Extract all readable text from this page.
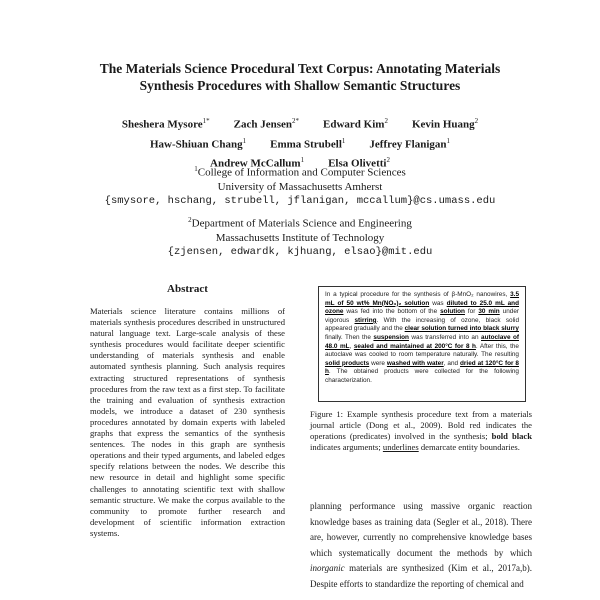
The Materials Science Procedural Text Corpus: Annotating Materials
Synthesis Procedures with Shallow Semantic Structures
Sheshera Mysore$^{1*}$ Zach Jensen$^{2*}$ Edward Kim$^2$ Kevin Huang$^2$
Haw-Shiuan Chang$^1$ Emma Strubell$^1$ Jeffrey Flanigan$^1$
Andrew McCallum$^1$ Elsa Olivetti$^2$
$^1$College of Information and Computer Sciences
University of Massachusetts Amherst
{smysore, hschang, strubell, jflanigan, mccallum}@cs.umass.edu
$^2$Department of Materials Science and Engineering
Massachusetts Institute of Technology
{zjensen, edwardk, kjhuang, elsao}@mit.edu
Abstract
Materials science literature contains millions of materials synthesis procedures described in unstructured natural language text. Large-scale analysis of these synthesis procedures would facilitate deeper scientific understanding of materials synthesis and enable automated synthesis planning. Such analysis requires extracting structured representations of synthesis procedures from the raw text as a first step. To facilitate the training and evaluation of synthesis extraction models, we introduce a dataset of 230 synthesis procedures annotated by domain experts with labeled graphs that express the semantics of the synthesis sentences. The nodes in this graph are synthesis operations and their typed arguments, and labeled edges specify relations between the nodes. We describe this new resource in detail and highlight some specific challenges to annotating scientific text with shallow semantic structure. We make the corpus available to the community to promote further research and development of scientific information extraction systems.
In a typical procedure for the synthesis of β-MnO₂ nanowires, 3.5 mL of 50 wt% Mn(NO₃)₂ solution was diluted to 25.0 mL and ozone was fed into the bottom of the solution for 30 min under vigorous stirring. With the increasing of ozone, black solid appeared gradually and the clear solution turned into black slurry finally. Then the suspension was transferred into an autoclave of 48.0 mL, sealed and maintained at 200°C for 8 h. After this, the autoclave was cooled to room temperature naturally. The resulting solid products were washed with water, and dried at 120°C for 8 h. The obtained products were collected for the following characterization.
Figure 1: Example synthesis procedure text from a materials journal article (Dong et al., 2009). Bold red indicates the operations (predicates) involved in the synthesis; bold black indicates arguments; underlines demarcate entity boundaries.
planning performance using massive organic reaction knowledge bases as training data (Segler et al., 2018). There are, however, currently no comprehensive knowledge bases which systematically document the methods by which inorganic materials are synthesized (Kim et al., 2017a,b). Despite efforts to standardize the reporting of chemical and
